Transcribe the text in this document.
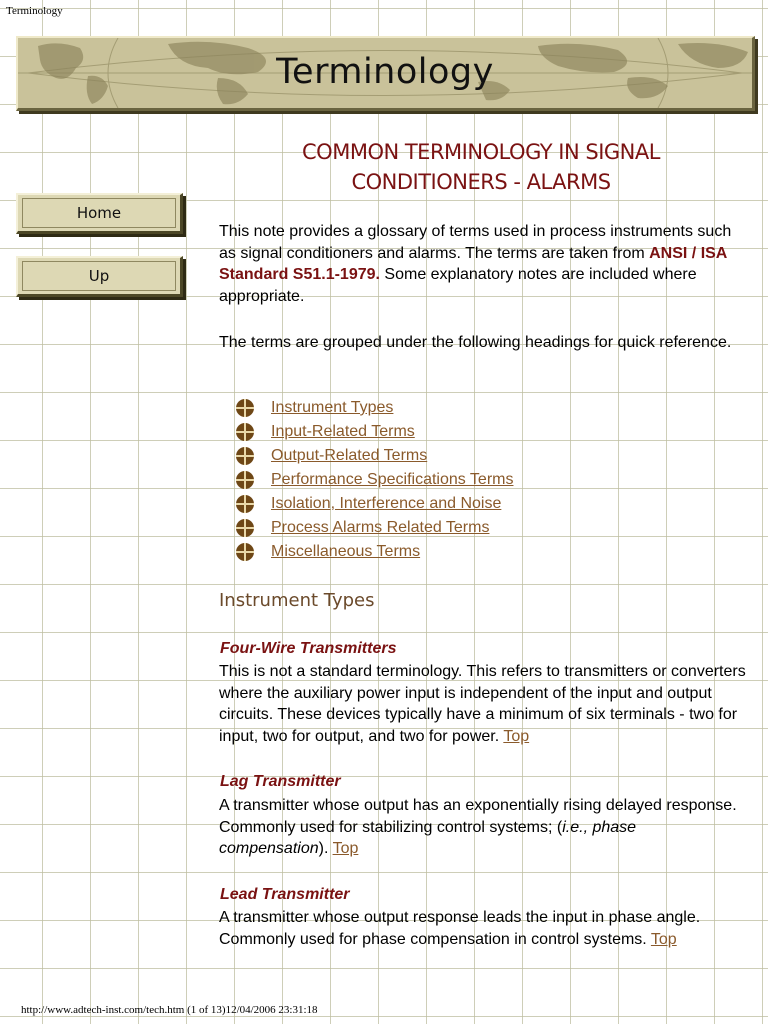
Terminology
Terminology
Home
Up
COMMON TERMINOLOGY IN SIGNAL
CONDITIONERS - ALARMS
This note provides a glossary of terms used in process instruments such as signal conditioners and alarms. The terms are taken from ANSI / ISA Standard S51.1-1979. Some explanatory notes are included where appropriate.
The terms are grouped under the following headings for quick reference.
Instrument Types
Input-Related Terms
Output-Related Terms
Performance Specifications Terms
Isolation, Interference and Noise
Process Alarms Related Terms
Miscellaneous Terms
Instrument Types
Four-Wire Transmitters
This is not a standard terminology. This refers to transmitters or converters where the auxiliary power input is independent of the input and output circuits. These devices typically have a minimum of six terminals - two for input, two for output, and two for power. Top
Lag Transmitter
A transmitter whose output has an exponentially rising delayed response. Commonly used for stabilizing control systems; (i.e., phase compensation). Top
Lead Transmitter
A transmitter whose output response leads the input in phase angle. Commonly used for phase compensation in control systems. Top
http://www.adtech-inst.com/tech.htm (1 of 13)12/04/2006 23:31:18
